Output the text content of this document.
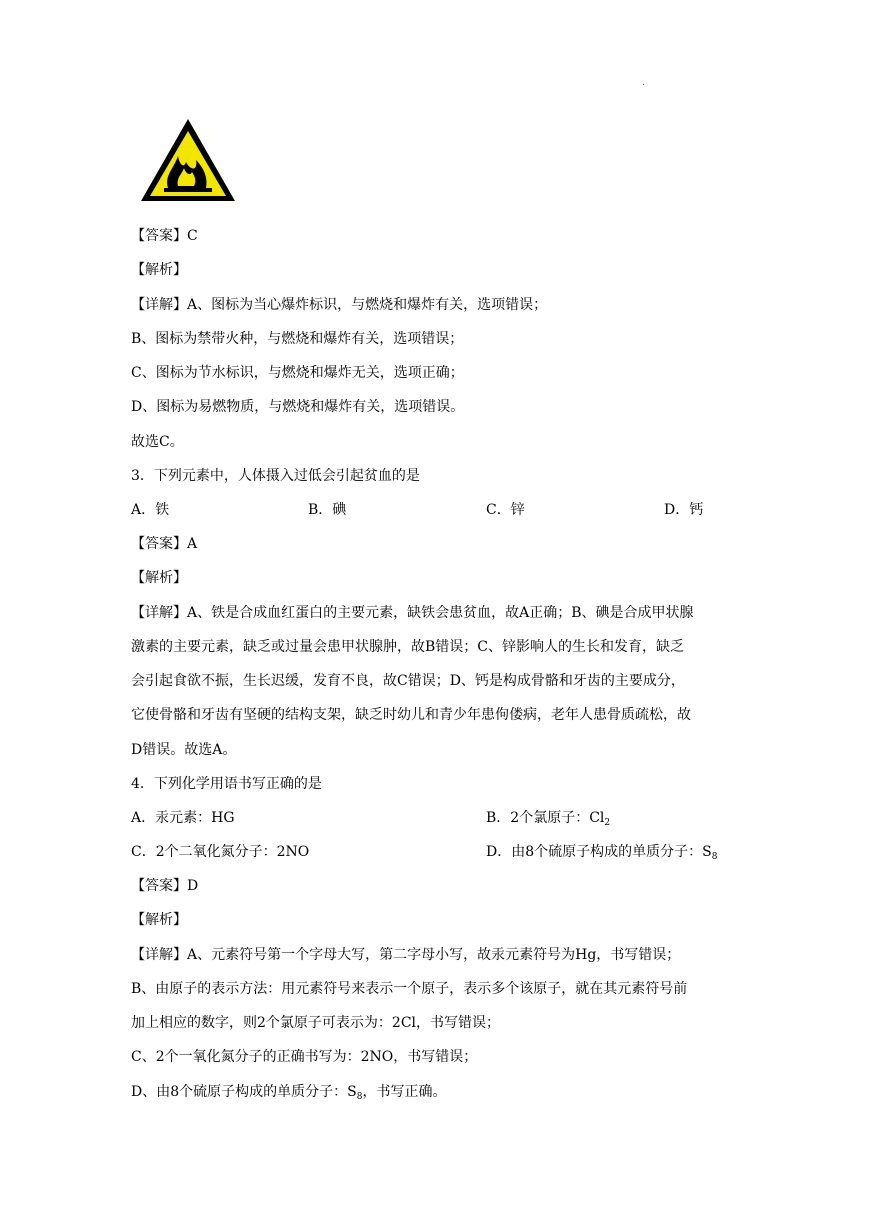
·
【答案】C
【解析】
【详解】A、图标为当心爆炸标识，与燃烧和爆炸有关，选项错误；
B、图标为禁带火种，与燃烧和爆炸有关，选项错误；
C、图标为节水标识，与燃烧和爆炸无关，选项正确；
D、图标为易燃物质，与燃烧和爆炸有关，选项错误。
故选C。
3．下列元素中，人体摄入过低会引起贫血的是
A．铁	B．碘	C．锌	D．钙
【答案】A
【解析】
【详解】A、铁是合成血红蛋白的主要元素，缺铁会患贫血，故A正确；B、碘是合成甲状腺
激素的主要元素，缺乏或过量会患甲状腺肿，故B错误；C、锌影响人的生长和发育，缺乏
会引起食欲不振，生长迟缓，发育不良，故C错误；D、钙是构成骨骼和牙齿的主要成分，
它使骨骼和牙齿有坚硬的结构支架，缺乏时幼儿和青少年患佝偻病，老年人患骨质疏松，故
D错误。故选A。
4．下列化学用语书写正确的是
A．汞元素：HG	B．2个氯原子：$Cl_2$
C．2个二氧化氮分子：2NO	D．由8个硫原子构成的单质分子：$S_8$
【答案】D
【解析】
【详解】A、元素符号第一个字母大写，第二字母小写，故汞元素符号为Hg，书写错误；
B、由原子的表示方法：用元素符号来表示一个原子，表示多个该原子，就在其元素符号前
加上相应的数字，则2个氯原子可表示为：2Cl，书写错误；
C、2个一氧化氮分子的正确书写为：2NO，书写错误；
D、由8个硫原子构成的单质分子：$S_8$，书写正确。
